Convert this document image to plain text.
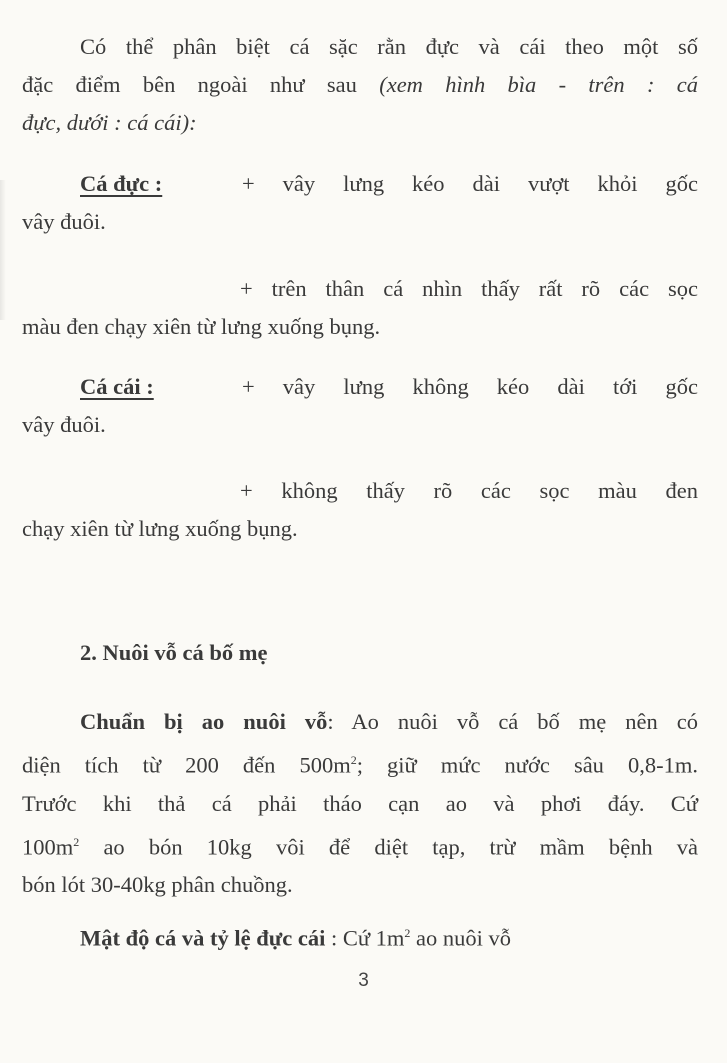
Có thể phân biệt cá sặc rằn đực và cái theo một số
đặc điểm bên ngoài như sau (xem hình bìa - trên : cá
đực, dưới : cá cái):
Cá đực :	+ vây lưng kéo dài vượt khỏi gốc
vây đuôi.
+ trên thân cá nhìn thấy rất rõ các sọc
màu đen chạy xiên từ lưng xuống bụng.
Cá cái :	+ vây lưng không kéo dài tới gốc
vây đuôi.
+ không thấy rõ các sọc màu đen
chạy xiên từ lưng xuống bụng.
2. Nuôi vỗ cá bố mẹ
Chuẩn bị ao nuôi vỗ: Ao nuôi vỗ cá bố mẹ nên có
diện tích từ 200 đến $500m^2$; giữ mức nước sâu 0,8-1m.
Trước khi thả cá phải tháo cạn ao và phơi đáy. Cứ
$100m^2$ ao bón 10kg vôi để diệt tạp, trừ mầm bệnh và
bón lót 30-40kg phân chuồng.
Mật độ cá và tỷ lệ đực cái : Cứ $1m^2$ ao nuôi vỗ
3
